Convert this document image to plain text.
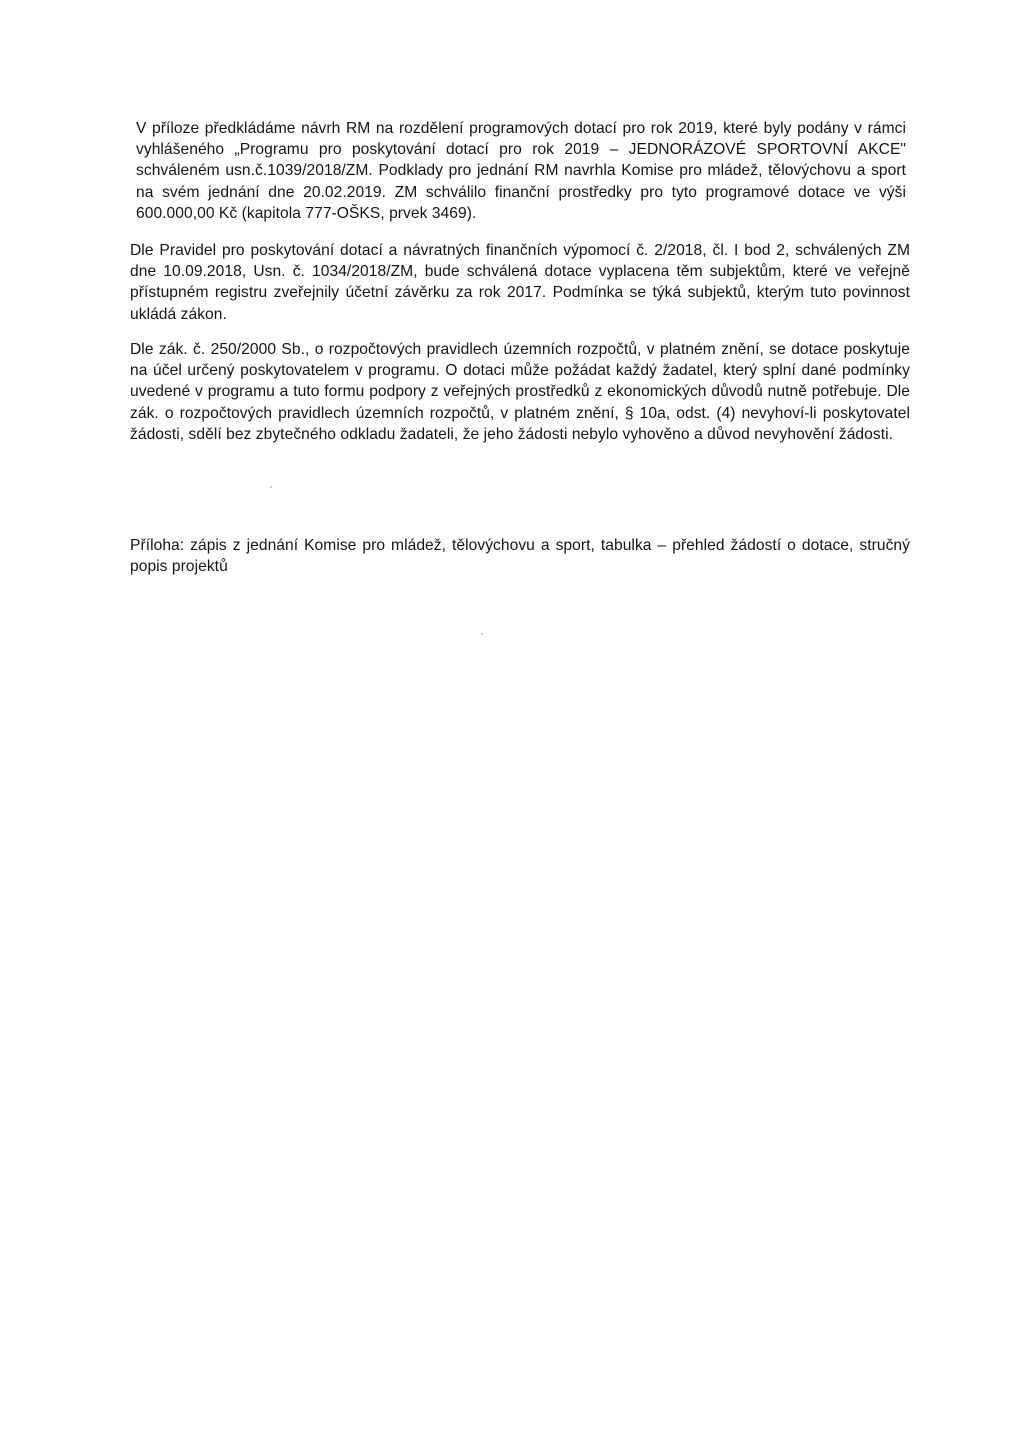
V příloze předkládáme návrh RM na rozdělení programových dotací pro rok 2019, které byly podány v rámci vyhlášeného „Programu pro poskytování dotací pro rok 2019 – JEDNORÁZOVÉ SPORTOVNÍ AKCE" schváleném usn.č.1039/2018/ZM. Podklady pro jednání RM navrhla Komise pro mládež, tělovýchovu a sport na svém jednání dne 20.02.2019. ZM schválilo finanční prostředky pro tyto programové dotace ve výši 600.000,00 Kč (kapitola 777-OŠKS, prvek 3469).

Dle Pravidel pro poskytování dotací a návratných finančních výpomocí č. 2/2018, čl. I bod 2, schválených ZM dne 10.09.2018, Usn. č. 1034/2018/ZM, bude schválená dotace vyplacena těm subjektům, které ve veřejně přístupném registru zveřejnily účetní závěrku za rok 2017. Podmínka se týká subjektů, kterým tuto povinnost ukládá zákon.

Dle zák. č. 250/2000 Sb., o rozpočtových pravidlech územních rozpočtů, v platném znění, se dotace poskytuje na účel určený poskytovatelem v programu. O dotaci může požádat každý žadatel, který splní dané podmínky uvedené v programu a tuto formu podpory z veřejných prostředků z ekonomických důvodů nutně potřebuje. Dle zák. o rozpočtových pravidlech územních rozpočtů, v platném znění, § 10a, odst. (4) nevyhoví-li poskytovatel žádosti, sdělí bez zbytečného odkladu žadateli, že jeho žádosti nebylo vyhověno a důvod nevyhovění žádosti.

Příloha: zápis z jednání Komise pro mládež, tělovýchovu a sport, tabulka – přehled žádostí o dotace, stručný popis projektů
